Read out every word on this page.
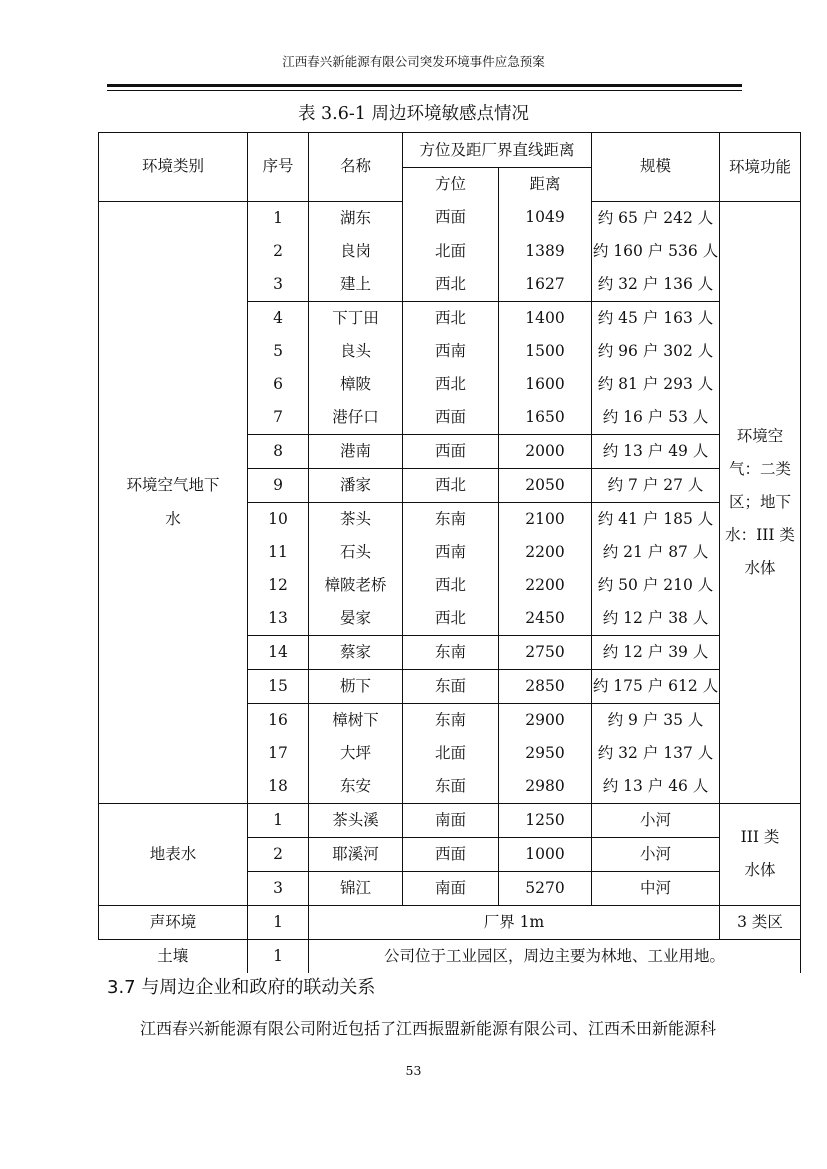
江西春兴新能源有限公司突发环境事件应急预案
表 3.6-1 周边环境敏感点情况
环境类别	序号	名称	方位及距厂界直线距离		规模	环境功能
			方位	距离		
环境空气地下水	1	湖东	西面	1049	约 65 户 242 人	环境空气：二类区；地下水：III 类水体
	2	良岗	北面	1389	约 160 户 536 人	
	3	建上	西北	1627	约 32 户 136 人	
	4	下丁田	西北	1400	约 45 户 163 人	
	5	良头	西南	1500	约 96 户 302 人	
	6	樟陂	西北	1600	约 81 户 293 人	
	7	港仔口	西面	1650	约 16 户 53 人	
	8	港南	西面	2000	约 13 户 49 人	
	9	潘家	西北	2050	约 7 户 27 人	
	10	茶头	东南	2100	约 41 户 185 人	
	11	石头	西南	2200	约 21 户 87 人	
	12	樟陂老桥	西北	2200	约 50 户 210 人	
	13	晏家	西北	2450	约 12 户 38 人	
	14	蔡家	东南	2750	约 12 户 39 人	
	15	枥下	东面	2850	约 175 户 612 人	
	16	樟树下	东南	2900	约 9 户 35 人	
	17	大坪	北面	2950	约 32 户 137 人	
	18	东安	东面	2980	约 13 户 46 人	
地表水	1	茶头溪	南面	1250	小河	III 类水体
	2	耶溪河	西面	1000	小河	
	3	锦江	南面	5270	中河	
声环境	1	厂界 1m				3 类区
土壤	1	公司位于工业园区，周边主要为林地、工业用地。				
3.7 与周边企业和政府的联动关系
江西春兴新能源有限公司附近包括了江西振盟新能源有限公司、江西禾田新能源科
53
